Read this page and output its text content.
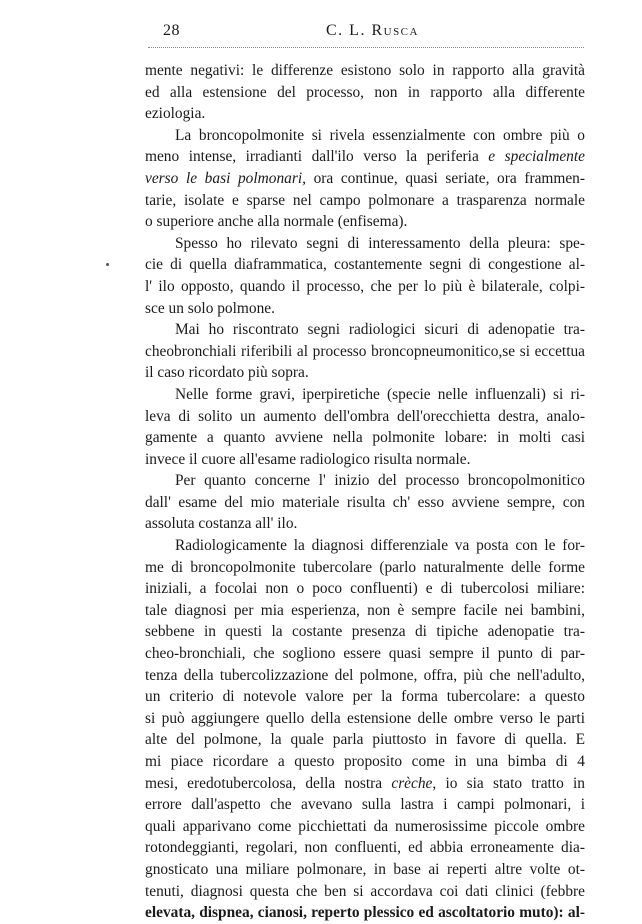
28	C. L. Rusca
mente negativi: le differenze esistono solo in rapporto alla gravità
ed alla estensione del processo, non in rapporto alla differente
eziologia.
La broncopolmonite si rivela essenzialmente con ombre più o
meno intense, irradianti dall'ilo verso la periferia e specialmente
verso le basi polmonari, ora continue, quasi seriate, ora frammen-
tarie, isolate e sparse nel campo polmonare a trasparenza normale
o superiore anche alla normale (enfisema).
Spesso ho rilevato segni di interessamento della pleura: spe-
cie di quella diaframmatica, costantemente segni di congestione al-
l' ilo opposto, quando il processo, che per lo più è bilaterale, colpi-
sce un solo polmone.
Mai ho riscontrato segni radiologici sicuri di adenopatie tra-
cheobronchiali riferibili al processo broncopneumonitico,se si eccettua
il caso ricordato più sopra.
Nelle forme gravi, iperpiretiche (specie nelle influenzali) si ri-
leva di solito un aumento dell'ombra dell'orecchietta destra, analo-
gamente a quanto avviene nella polmonite lobare: in molti casi
invece il cuore all'esame radiologico risulta normale.
Per quanto concerne l' inizio del processo broncopolmonitico
dall' esame del mio materiale risulta ch' esso avviene sempre, con
assoluta costanza all' ilo.
Radiologicamente la diagnosi differenziale va posta con le for-
me di broncopolmonite tubercolare (parlo naturalmente delle forme
iniziali, a focolai non o poco confluenti) e di tubercolosi miliare:
tale diagnosi per mia esperienza, non è sempre facile nei bambini,
sebbene in questi la costante presenza di tipiche adenopatie tra-
cheo-bronchiali, che sogliono essere quasi sempre il punto di par-
tenza della tubercolizzazione del polmone, offra, più che nell'adulto,
un criterio di notevole valore per la forma tubercolare: a questo
si può aggiungere quello della estensione delle ombre verso le parti
alte del polmone, la quale parla piuttosto in favore di quella. E
mi piace ricordare a questo proposito come in una bimba di 4
mesi, eredotubercolosa, della nostra crèche, io sia stato tratto in
errore dall'aspetto che avevano sulla lastra i campi polmonari, i
quali apparivano come picchiettati da numerosissime piccole ombre
rotondeggianti, regolari, non confluenti, ed abbia erroneamente dia-
gnosticato una miliare polmonare, in base ai reperti altre volte ot-
tenuti, diagnosi questa che ben si accordava coi dati clinici (febbre
elevata, dispnea, cianosi, reperto plessico ed ascoltatorio muto): al-
